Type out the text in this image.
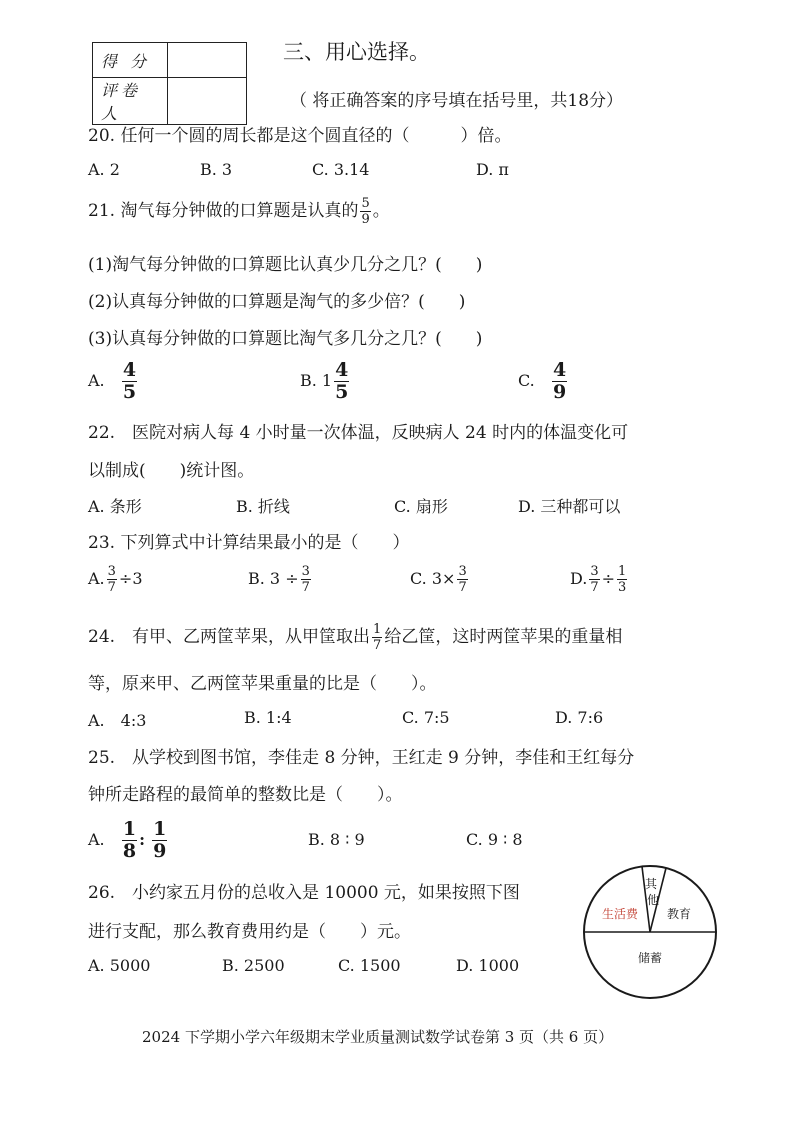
得 分	
评卷人	
三、用心选择。
（ 将正确答案的序号填在括号里，共18分）
20. 任何一个圆的周长都是这个圆直径的（　　　）倍。
A. 2	B. 3	C. 3.14	D. π
21. 淘气每分钟做的口算题是认真的 $\frac{5}{9}$ 。
(1)淘气每分钟做的口算题比认真少几分之几？(　　)
(2)认真每分钟做的口算题是淘气的多少倍？(　　)
(3)认真每分钟做的口算题比淘气多几分之几？(　　)
A. $\frac{4}{5}$	B. $1 \frac{4}{5}$	C. $\frac{4}{9}$
22.　医院对病人每 4 小时量一次体温，反映病人 24 时内的体温变化可
以制成(　　)统计图。
A. 条形	B. 折线	C. 扇形	D. 三种都可以
23. 下列算式中计算结果最小的是（　　）
A. $\frac{3}{7} \div 3$	B. $3 \div \frac{3}{7}$	C. $3\times \frac{3}{7}$	D. $\frac{3}{7} \div \frac{1}{3}$
24.　有甲、乙两筐苹果，从甲筐取出 $\frac{1}{7}$ 给乙筐，这时两筐苹果的重量相
等，原来甲、乙两筐苹果重量的比是（　　）。
A.　4:3	B. 1:4	C. 7:5	D. 7:6
25.　从学校到图书馆，李佳走 8 分钟，王红走 9 分钟，李佳和王红每分
钟所走路程的最简单的整数比是（　　）。
A. $\frac{1}{8}$ : $\frac{1}{9}$	B. 8 ∶ 9	C. 9 ∶ 8
26.　小约家五月份的总收入是 10000 元，如果按照下图
进行支配，那么教育费用约是（　　）元。
A. 5000	B. 2500	C. 1500	D. 1000
生活费
其
他
教育
储蓄
2024 下学期小学六年级期末学业质量测试数学试卷第 3 页（共 6 页）
